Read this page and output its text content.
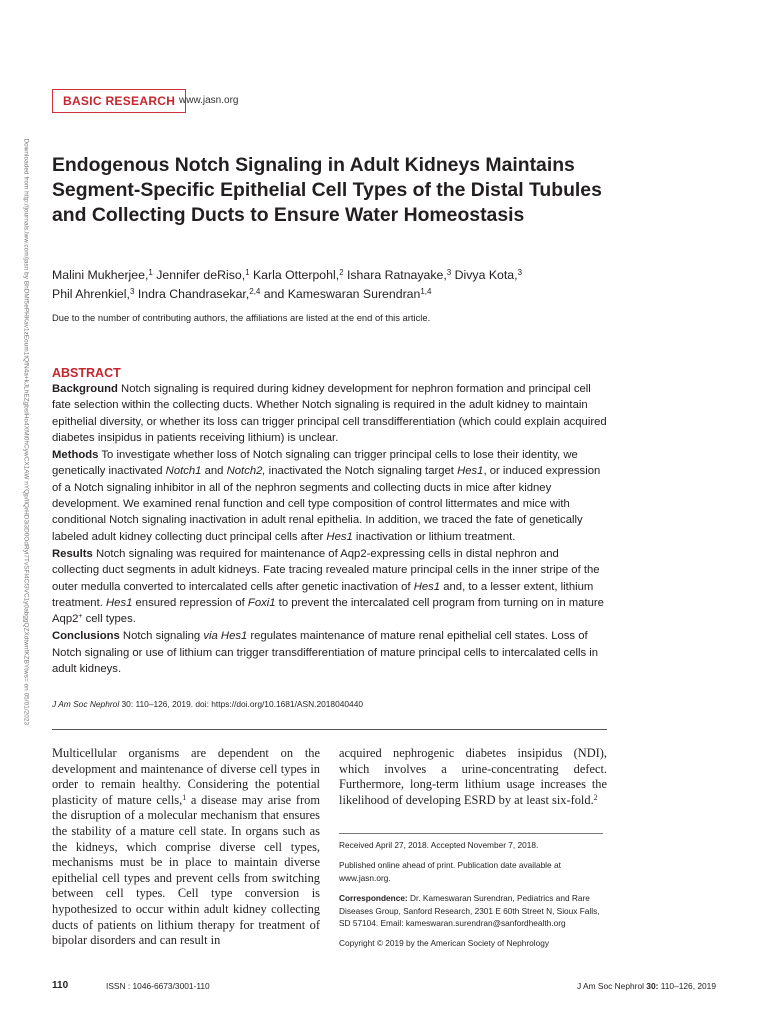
Downloaded from http://journals.lww.com/jasn by BhDMf5ePHKav1zEoum1tQfN4a+kJLhEZgbsIHo4XMi0hCywCX1AW nYQp/IlQrHD3i3D0OdRyi7TvSFl4Cf3VC1y0abggQZXdtwnfKZBYtws= on 05/01/2023
BASIC RESEARCH www.jasn.org
Endogenous Notch Signaling in Adult Kidneys Maintains Segment-Specific Epithelial Cell Types of the Distal Tubules and Collecting Ducts to Ensure Water Homeostasis
Malini Mukherjee,$^1$ Jennifer deRiso,$^1$ Karla Otterpohl,$^2$ Ishara Ratnayake,$^3$ Divya Kota,$^3$
Phil Ahrenkiel,$^3$ Indra Chandrasekar,$^{2,4}$ and Kameswaran Surendran$^{1,4}$
Due to the number of contributing authors, the affiliations are listed at the end of this article.
ABSTRACT

Background Notch signaling is required during kidney development for nephron formation and principal cell fate selection within the collecting ducts. Whether Notch signaling is required in the adult kidney to maintain epithelial diversity, or whether its loss can trigger principal cell transdifferentiation (which could explain acquired diabetes insipidus in patients receiving lithium) is unclear.

Methods To investigate whether loss of Notch signaling can trigger principal cells to lose their identity, we genetically inactivated Notch1 and Notch2, inactivated the Notch signaling target Hes1, or induced expression of a Notch signaling inhibitor in all of the nephron segments and collecting ducts in mice after kidney development. We examined renal function and cell type composition of control littermates and mice with conditional Notch signaling inactivation in adult renal epithelia. In addition, we traced the fate of genetically labeled adult kidney collecting duct principal cells after Hes1 inactivation or lithium treatment.

Results Notch signaling was required for maintenance of Aqp2-expressing cells in distal nephron and collecting duct segments in adult kidneys. Fate tracing revealed mature principal cells in the inner stripe of the outer medulla converted to intercalated cells after genetic inactivation of Hes1 and, to a lesser extent, lithium treatment. Hes1 ensured repression of Foxi1 to prevent the intercalated cell program from turning on in mature Aqp2+ cell types.

Conclusions Notch signaling via Hes1 regulates maintenance of mature renal epithelial cell states. Loss of Notch signaling or use of lithium can trigger transdifferentiation of mature principal cells to intercalated cells in adult kidneys.

J Am Soc Nephrol 30: 110–126, 2019. doi: https://doi.org/10.1681/ASN.2018040440
Multicellular organisms are dependent on the development and maintenance of diverse cell types in order to remain healthy. Considering the potential plasticity of mature cells,$^1$ a disease may arise from the disruption of a molecular mechanism that ensures the stability of a mature cell state. In organs such as the kidneys, which comprise diverse cell types, mechanisms must be in place to maintain diverse epithelial cell types and prevent cells from switching between cell types. Cell type conversion is hypothesized to occur within adult kidney collecting ducts of patients on lithium therapy for treatment of bipolar disorders and can result in
acquired nephrogenic diabetes insipidus (NDI), which involves a urine-concentrating defect. Furthermore, long-term lithium usage increases the likelihood of developing ESRD by at least six-fold.$^2$
Received April 27, 2018. Accepted November 7, 2018.
Published online ahead of print. Publication date available at www.jasn.org.
Correspondence: Dr. Kameswaran Surendran, Pediatrics and Rare Diseases Group, Sanford Research, 2301 E 60th Street N, Sioux Falls, SD 57104. Email: kameswaran.surendran@sanfordhealth.org
Copyright © 2019 by the American Society of Nephrology
110	ISSN : 1046-6673/3001-110	J Am Soc Nephrol 30: 110–126, 2019
